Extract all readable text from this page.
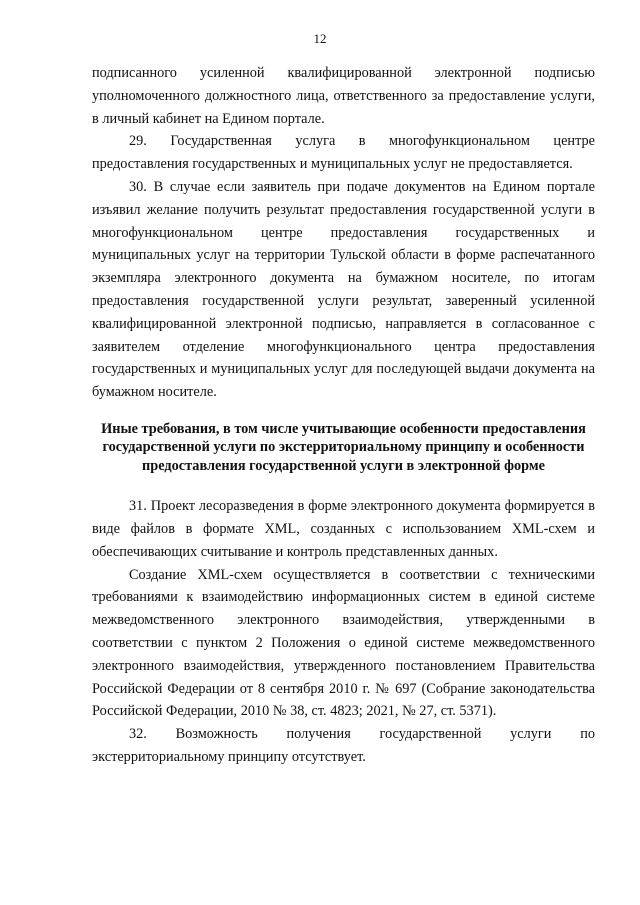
12

подписанного усиленной квалифицированной электронной подписью уполномоченного должностного лица, ответственного за предоставление услуги, в личный кабинет на Едином портале.

29. Государственная услуга в многофункциональном центре предоставления государственных и муниципальных услуг не предоставляется.

30. В случае если заявитель при подаче документов на Едином портале изъявил желание получить результат предоставления государственной услуги в многофункциональном центре предоставления государственных и муниципальных услуг на территории Тульской области в форме распечатанного экземпляра электронного документа на бумажном носителе, по итогам предоставления государственной услуги результат, заверенный усиленной квалифицированной электронной подписью, направляется в согласованное с заявителем отделение многофункционального центра предоставления государственных и муниципальных услуг для последующей выдачи документа на бумажном носителе.

Иные требования, в том числе учитывающие особенности предоставления государственной услуги по экстерриториальному принципу и особенности предоставления государственной услуги в электронной форме

31. Проект лесоразведения в форме электронного документа формируется в виде файлов в формате XML, созданных с использованием XML-схем и обеспечивающих считывание и контроль представленных данных.

Создание XML-схем осуществляется в соответствии с техническими требованиями к взаимодействию информационных систем в единой системе межведомственного электронного взаимодействия, утвержденными в соответствии с пунктом 2 Положения о единой системе межведомственного электронного взаимодействия, утвержденного постановлением Правительства Российской Федерации от 8 сентября 2010 г. № 697 (Собрание законодательства Российской Федерации, 2010 № 38, ст. 4823; 2021, № 27, ст. 5371).

32. Возможность получения государственной услуги по экстерриториальному принципу отсутствует.
